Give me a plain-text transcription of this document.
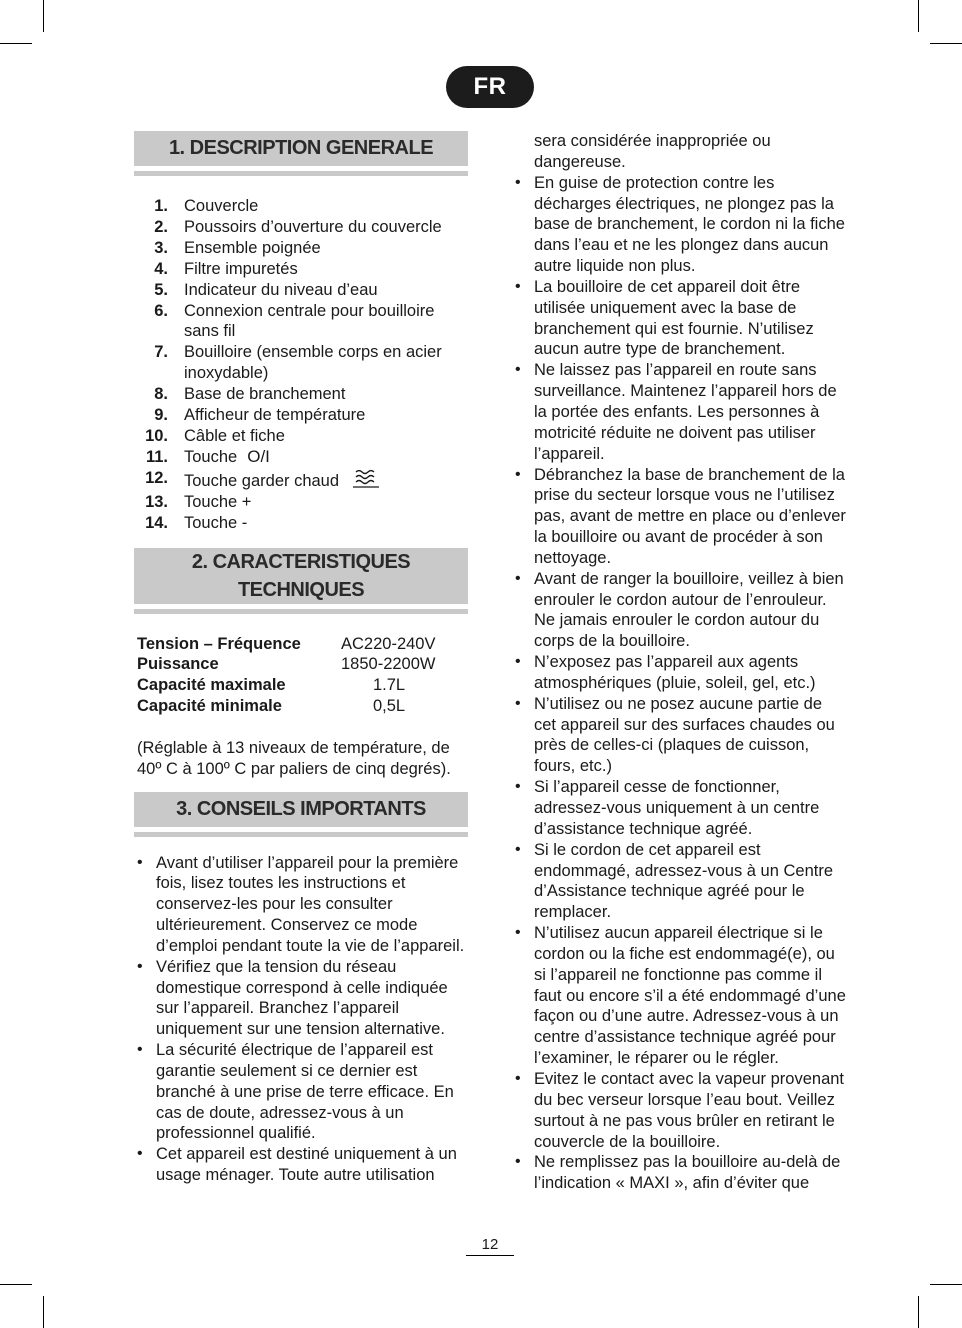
FR
1. DESCRIPTION GENERALE
1. Couvercle
2. Poussoirs d’ouverture du couvercle
3. Ensemble poignée
4. Filtre impuretés
5. Indicateur du niveau d’eau
6. Connexion centrale pour bouilloire sans fil
7. Bouilloire (ensemble corps en acier inoxydable)
8. Base de branchement
9. Afficheur de température
10. Câble et fiche
11. Touche O/I
12. Touche garder chaud
13. Touche +
14. Touche -
2. CARACTERISTIQUES
TECHNIQUES
Tension – Fréquence	AC220-240V
Puissance	1850-2200W
Capacité maximale	1.7L
Capacité minimale	0,5L
(Réglable à 13 niveaux de température, de 40º C à 100º C par paliers de cinq degrés).
3. CONSEILS IMPORTANTS
• Avant d’utiliser l’appareil pour la première fois, lisez toutes les instructions et conservez-les pour les consulter ultérieurement. Conservez ce mode d’emploi pendant toute la vie de l’appareil.
• Vérifiez que la tension du réseau domestique correspond à celle indiquée sur l’appareil. Branchez l’appareil uniquement sur une tension alternative.
• La sécurité électrique de l’appareil est garantie seulement si ce dernier est branché à une prise de terre efficace. En cas de doute, adressez-vous à un professionnel qualifié.
• Cet appareil est destiné uniquement à un usage ménager. Toute autre utilisation
sera considérée inappropriée ou dangereuse.
• En guise de protection contre les décharges électriques, ne plongez pas la base de branchement, le cordon ni la fiche dans l’eau et ne les plongez dans aucun autre liquide non plus.
• La bouilloire de cet appareil doit être utilisée uniquement avec la base de branchement qui est fournie. N’utilisez aucun autre type de branchement.
• Ne laissez pas l’appareil en route sans surveillance. Maintenez l’appareil hors de la portée des enfants. Les personnes à motricité réduite ne doivent pas utiliser l’appareil.
• Débranchez la base de branchement de la prise du secteur lorsque vous ne l’utilisez pas, avant de mettre en place ou d’enlever la bouilloire ou avant de procéder à son nettoyage.
• Avant de ranger la bouilloire, veillez à bien enrouler le cordon autour de l’enrouleur. Ne jamais enrouler le cordon autour du corps de la bouilloire.
• N’exposez pas l’appareil aux agents atmosphériques (pluie, soleil, gel, etc.)
• N’utilisez ou ne posez aucune partie de cet appareil sur des surfaces chaudes ou près de celles-ci (plaques de cuisson, fours, etc.)
• Si l’appareil cesse de fonctionner, adressez-vous uniquement à un centre d’assistance technique agréé.
• Si le cordon de cet appareil est endommagé, adressez-vous à un Centre d’Assistance technique agréé pour le remplacer.
• N’utilisez aucun appareil électrique si le cordon ou la fiche est endommagé(e), ou si l’appareil ne fonctionne pas comme il faut ou encore s’il a été endommagé d’une façon ou d’une autre. Adressez-vous à un centre d’assistance technique agréé pour l’examiner, le réparer ou le régler.
• Evitez le contact avec la vapeur provenant du bec verseur lorsque l’eau bout. Veillez surtout à ne pas vous brûler en retirant le couvercle de la bouilloire.
• Ne remplissez pas la bouilloire au-delà de l’indication « MAXI », afin d’éviter que
12
